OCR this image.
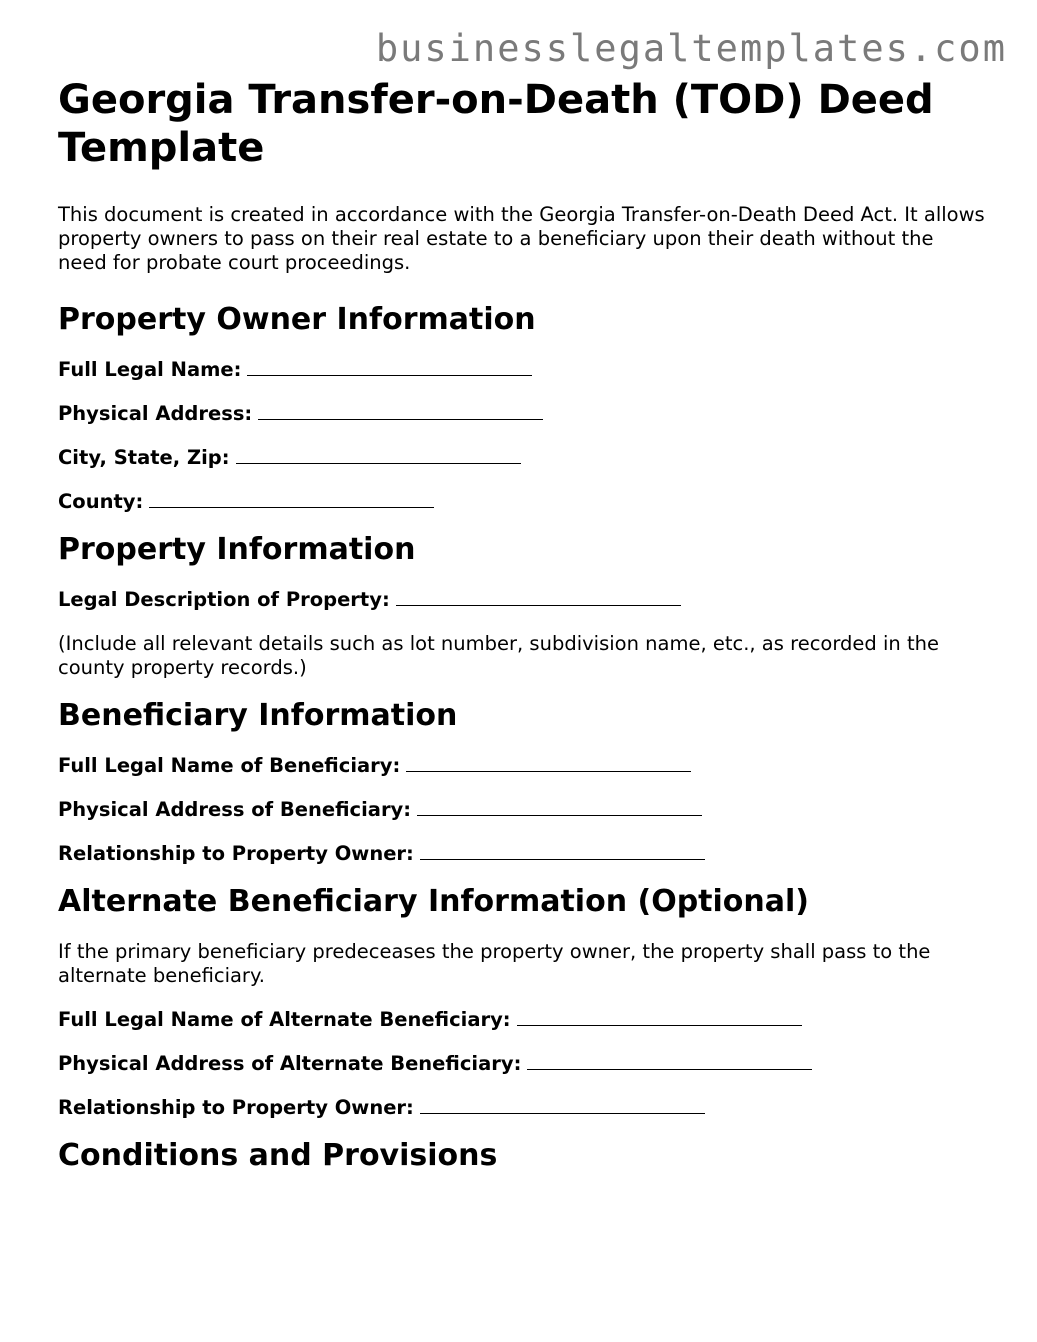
businesslegaltemplates.com
Georgia Transfer-on-Death (TOD) Deed Template

This document is created in accordance with the Georgia Transfer-on-Death Deed Act. It allows property owners to pass on their real estate to a beneficiary upon their death without the need for probate court proceedings.

Property Owner Information
Full Legal Name:
Physical Address:
City, State, Zip:
County:
Property Information
Legal Description of Property:

(Include all relevant details such as lot number, subdivision name, etc., as recorded in the county property records.)

Beneficiary Information
Full Legal Name of Beneficiary:
Physical Address of Beneficiary:
Relationship to Property Owner:
Alternate Beneficiary Information (Optional)

If the primary beneficiary predeceases the property owner, the property shall pass to the alternate beneficiary.

Full Legal Name of Alternate Beneficiary:
Physical Address of Alternate Beneficiary:
Relationship to Property Owner:
Conditions and Provisions
